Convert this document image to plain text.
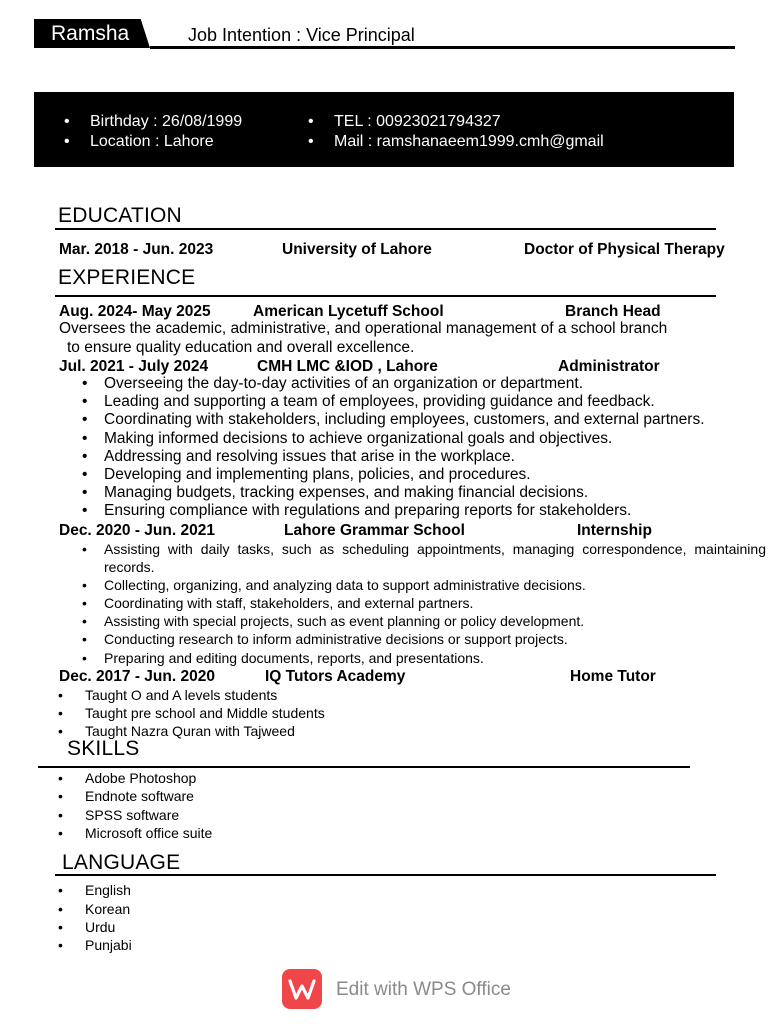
Ramsha	Job Intention : Vice Principal
• Birthday : 26/08/1999
• Location : Lahore
• TEL : 00923021794327
• Mail : ramshanaeem1999.cmh@gmail
EDUCATION
Mar. 2018 - Jun. 2023	University of Lahore	Doctor of Physical Therapy
EXPERIENCE
Aug. 2024- May 2025	American Lycetuff School	Branch Head
Oversees the academic, administrative, and operational management of a school branch
to ensure quality education and overall excellence.
Jul. 2021 - July 2024	CMH LMC &IOD , Lahore	Administrator
• Overseeing the day-to-day activities of an organization or department.
• Leading and supporting a team of employees, providing guidance and feedback.
• Coordinating with stakeholders, including employees, customers, and external partners.
• Making informed decisions to achieve organizational goals and objectives.
• Addressing and resolving issues that arise in the workplace.
• Developing and implementing plans, policies, and procedures.
• Managing budgets, tracking expenses, and making financial decisions.
• Ensuring compliance with regulations and preparing reports for stakeholders.
Dec. 2020 - Jun. 2021	Lahore Grammar School	Internship
• Assisting with daily tasks, such as scheduling appointments, managing correspondence, maintaining records.
• Collecting, organizing, and analyzing data to support administrative decisions.
• Coordinating with staff, stakeholders, and external partners.
• Assisting with special projects, such as event planning or policy development.
• Conducting research to inform administrative decisions or support projects.
• Preparing and editing documents, reports, and presentations.
Dec. 2017 - Jun. 2020	IQ Tutors Academy	Home Tutor
• Taught O and A levels students
• Taught pre school and Middle students
• Taught Nazra Quran with Tajweed
SKILLS
• Adobe Photoshop
• Endnote software
• SPSS software
• Microsoft office suite
LANGUAGE
• English
• Korean
• Urdu
• Punjabi
Edit with WPS Office
